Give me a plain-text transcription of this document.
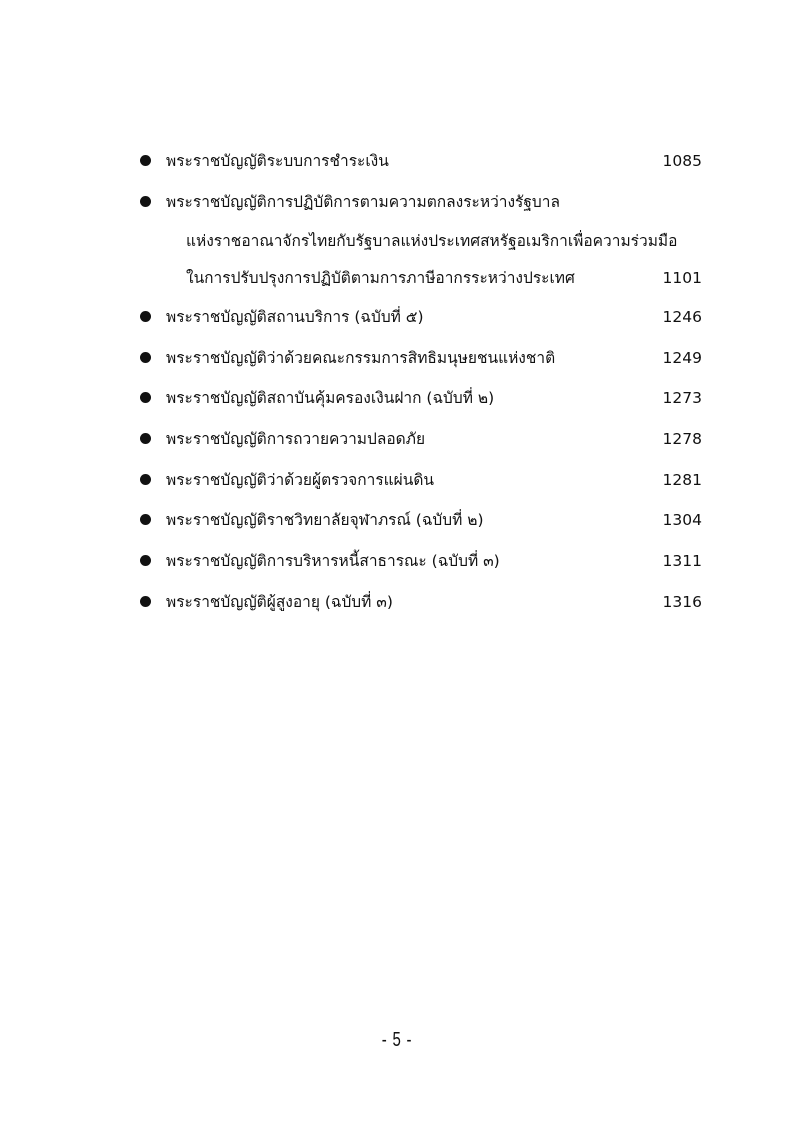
พระราชบัญญัติระบบการชำระเงิน	1085
พระราชบัญญัติการปฏิบัติการตามความตกลงระหว่างรัฐบาล
แห่งราชอาณาจักรไทยกับรัฐบาลแห่งประเทศสหรัฐอเมริกาเพื่อความร่วมมือ
ในการปรับปรุงการปฏิบัติตามการภาษีอากรระหว่างประเทศ	1101
พระราชบัญญัติสถานบริการ (ฉบับที่ ๕)	1246
พระราชบัญญัติว่าด้วยคณะกรรมการสิทธิมนุษยชนแห่งชาติ	1249
พระราชบัญญัติสถาบันคุ้มครองเงินฝาก (ฉบับที่ ๒)	1273
พระราชบัญญัติการถวายความปลอดภัย	1278
พระราชบัญญัติว่าด้วยผู้ตรวจการแผ่นดิน	1281
พระราชบัญญัติราชวิทยาลัยจุฬาภรณ์ (ฉบับที่ ๒)	1304
พระราชบัญญัติการบริหารหนี้สาธารณะ (ฉบับที่ ๓)	1311
พระราชบัญญัติผู้สูงอายุ (ฉบับที่ ๓)	1316
- 5 -
